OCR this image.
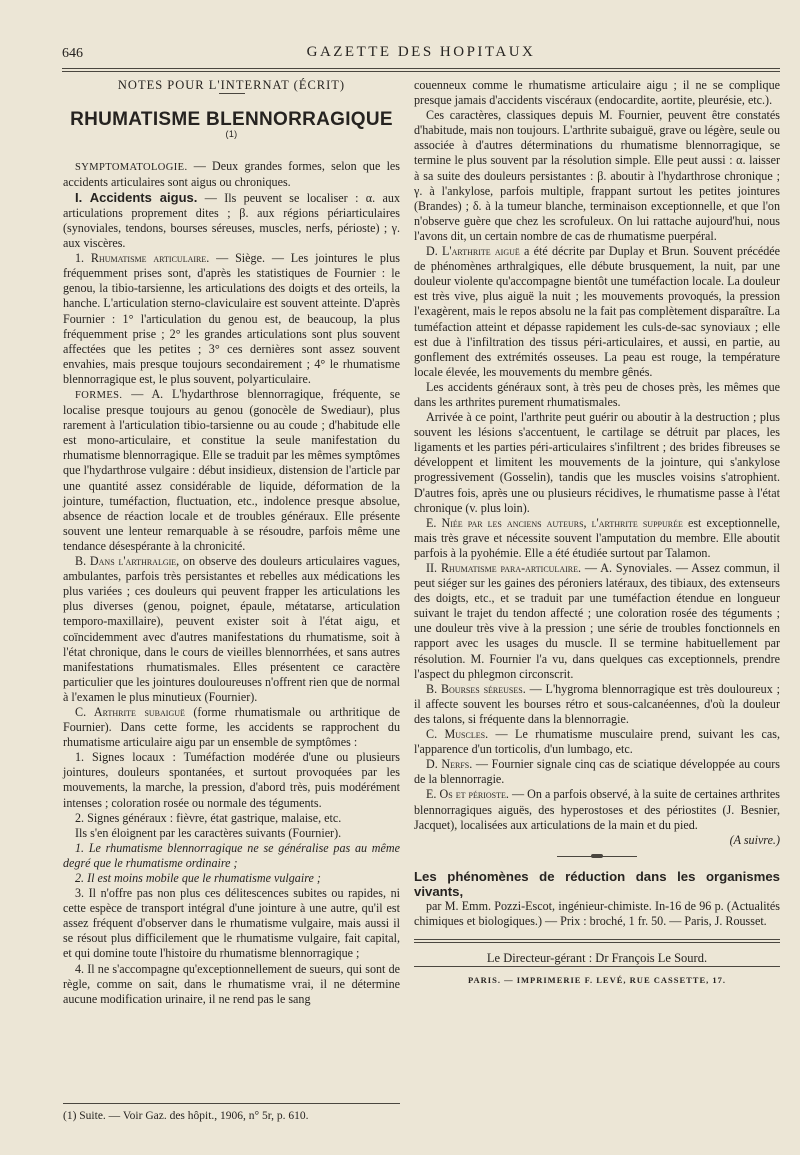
646	GAZETTE DES HOPITAUX

NOTES POUR L'INTERNAT (ÉCRIT)

RHUMATISME BLENNORRAGIQUE $^{(1)}$

SYMPTOMATOLOGIE. — Deux grandes formes, selon que les accidents articulaires sont aigus ou chroniques.

I. Accidents aigus. — Ils peuvent se localiser : α. aux articulations proprement dites ; β. aux régions périarticulaires (synoviales, tendons, bourses séreuses, muscles, nerfs, périoste) ; γ. aux viscères.

1. Rhumatisme articulaire. — Siège. — Les jointures le plus fréquemment prises sont, d'après les statistiques de Fournier : le genou, la tibio-tarsienne, les articulations des doigts et des orteils, la hanche. L'articulation sterno-claviculaire est souvent atteinte. D'après Fournier : 1° l'articulation du genou est, de beaucoup, la plus fréquemment prise ; 2° les grandes articulations sont plus souvent affectées que les petites ; 3° ces dernières sont assez souvent envahies, mais presque toujours secondairement ; 4° le rhumatisme blennorragique est, le plus souvent, polyarticulaire.

FORMES. — A. L'hydarthrose blennorragique, fréquente, se localise presque toujours au genou (gonocèle de Swediaur), plus rarement à l'articulation tibio-tarsienne ou au coude ; d'habitude elle est mono-articulaire, et constitue la seule manifestation du rhumatisme blennorragique. Elle se traduit par les mêmes symptômes que l'hydarthrose vulgaire : début insidieux, distension de l'article par une quantité assez considérable de liquide, déformation de la jointure, tuméfaction, fluctuation, etc., indolence presque absolue, absence de réaction locale et de troubles généraux. Elle présente souvent une lenteur remarquable à se résoudre, parfois même une tendance désespérante à la chronicité.

B. Dans l'arthralgie, on observe des douleurs articulaires vagues, ambulantes, parfois très persistantes et rebelles aux médications les plus variées ; ces douleurs qui peuvent frapper les articulations les plus diverses (genou, poignet, épaule, métatarse, articulation temporo-maxillaire), peuvent exister soit à l'état aigu, et coïncidemment avec d'autres manifestations du rhumatisme, soit à l'état chronique, dans le cours de vieilles blennorrhées, et sans autres manifestations rhumatismales. Elles présentent ce caractère particulier que les jointures douloureuses n'offrent rien que de normal à l'examen le plus minutieux (Fournier).

C. Arthrite subaiguë (forme rhumatismale ou arthritique de Fournier). Dans cette forme, les accidents se rapprochent du rhumatisme articulaire aigu par un ensemble de symptômes :

1. Signes locaux : Tuméfaction modérée d'une ou plusieurs jointures, douleurs spontanées, et surtout provoquées par les mouvements, la marche, la pression, d'abord très, puis modérément intenses ; coloration rosée ou normale des téguments.

2. Signes généraux : fièvre, état gastrique, malaise, etc.

Ils s'en éloignent par les caractères suivants (Fournier).

1. Le rhumatisme blennorragique ne se généralise pas au même degré que le rhumatisme ordinaire ;

2. Il est moins mobile que le rhumatisme vulgaire ;

3. Il n'offre pas non plus ces délitescences subites ou rapides, ni cette espèce de transport intégral d'une jointure à une autre, qu'il est assez fréquent d'observer dans le rhumatisme vulgaire, mais aussi il se résout plus difficilement que le rhumatisme vulgaire, fait capital, et qui domine toute l'histoire du rhumatisme blennorragique ;

4. Il ne s'accompagne qu'exceptionnellement de sueurs, qui sont de règle, comme on sait, dans le rhumatisme vrai, il ne détermine aucune modification urinaire, il ne rend pas le sang

(1) Suite. — Voir Gaz. des hôpit., 1906, n° 5r, p. 610.

couenneux comme le rhumatisme articulaire aigu ; il ne se complique presque jamais d'accidents viscéraux (endocardite, aortite, pleurésie, etc.).

Ces caractères, classiques depuis M. Fournier, peuvent être constatés d'habitude, mais non toujours. L'arthrite subaiguë, grave ou légère, seule ou associée à d'autres déterminations du rhumatisme blennorragique, se termine le plus souvent par la résolution simple. Elle peut aussi : α. laisser à sa suite des douleurs persistantes : β. aboutir à l'hydarthrose chronique ; γ. à l'ankylose, parfois multiple, frappant surtout les petites jointures (Brandes) ; δ. à la tumeur blanche, terminaison exceptionnelle, et que l'on n'observe guère que chez les scrofuleux. On lui rattache aujourd'hui, nous l'avons dit, un certain nombre de cas de rhumatisme puerpéral.

D. L'arthrite aiguë a été décrite par Duplay et Brun. Souvent précédée de phénomènes arthralgiques, elle débute brusquement, la nuit, par une douleur violente qu'accompagne bientôt une tuméfaction locale. La douleur est très vive, plus aiguë la nuit ; les mouvements provoqués, la pression l'exagèrent, mais le repos absolu ne la fait pas complètement disparaître. La tuméfaction atteint et dépasse rapidement les culs-de-sac synoviaux ; elle est due à l'infiltration des tissus péri-articulaires, et aussi, en partie, au gonflement des extrémités osseuses. La peau est rouge, la température locale élevée, les mouvements du membre gênés.

Les accidents généraux sont, à très peu de choses près, les mêmes que dans les arthrites purement rhumatismales.

Arrivée à ce point, l'arthrite peut guérir ou aboutir à la destruction ; plus souvent les lésions s'accentuent, le cartilage se détruit par places, les ligaments et les parties péri-articulaires s'infiltrent ; des brides fibreuses se développent et limitent les mouvements de la jointure, qui s'ankylose progressivement (Gosselin), tandis que les muscles voisins s'atrophient. D'autres fois, après une ou plusieurs récidives, le rhumatisme passe à l'état chronique (v. plus loin).

E. Niée par les anciens auteurs, l'arthrite suppurée est exceptionnelle, mais très grave et nécessite souvent l'amputation du membre. Elle aboutit parfois à la pyohémie. Elle a été étudiée surtout par Talamon.

II. Rhumatisme para-articulaire. — A. Synoviales. — Assez commun, il peut siéger sur les gaines des péroniers latéraux, des tibiaux, des extenseurs des doigts, etc., et se traduit par une tuméfaction étendue en longueur suivant le trajet du tendon affecté ; une coloration rosée des téguments ; une douleur très vive à la pression ; une série de troubles fonctionnels en rapport avec les usages du muscle. Il se termine habituellement par résolution. M. Fournier l'a vu, dans quelques cas exceptionnels, prendre l'aspect du phlegmon circonscrit.

B. Bourses séreuses. — L'hygroma blennorragique est très douloureux ; il affecte souvent les bourses rétro et sous-calcanéennes, d'où la douleur des talons, si fréquente dans la blennorragie.

C. Muscles. — Le rhumatisme musculaire prend, suivant les cas, l'apparence d'un torticolis, d'un lumbago, etc.

D. Nerfs. — Fournier signale cinq cas de sciatique développée au cours de la blennorragie.

E. Os et périoste. — On a parfois observé, à la suite de certaines arthrites blennorragiques aiguës, des hyperostoses et des périostites (J. Besnier, Jacquet), localisées aux articulations de la main et du pied.

(A suivre.)

Les phénomènes de réduction dans les organismes vivants,

par M. Emm. Pozzi-Escot, ingénieur-chimiste. In-16 de 96 p. (Actualités chimiques et biologiques.) — Prix : broché, 1 fr. 50. — Paris, J. Rousset.

Le Directeur-gérant : Dr François Le Sourd.

PARIS. — IMPRIMERIE F. LEVÉ, RUE CASSETTE, 17.
